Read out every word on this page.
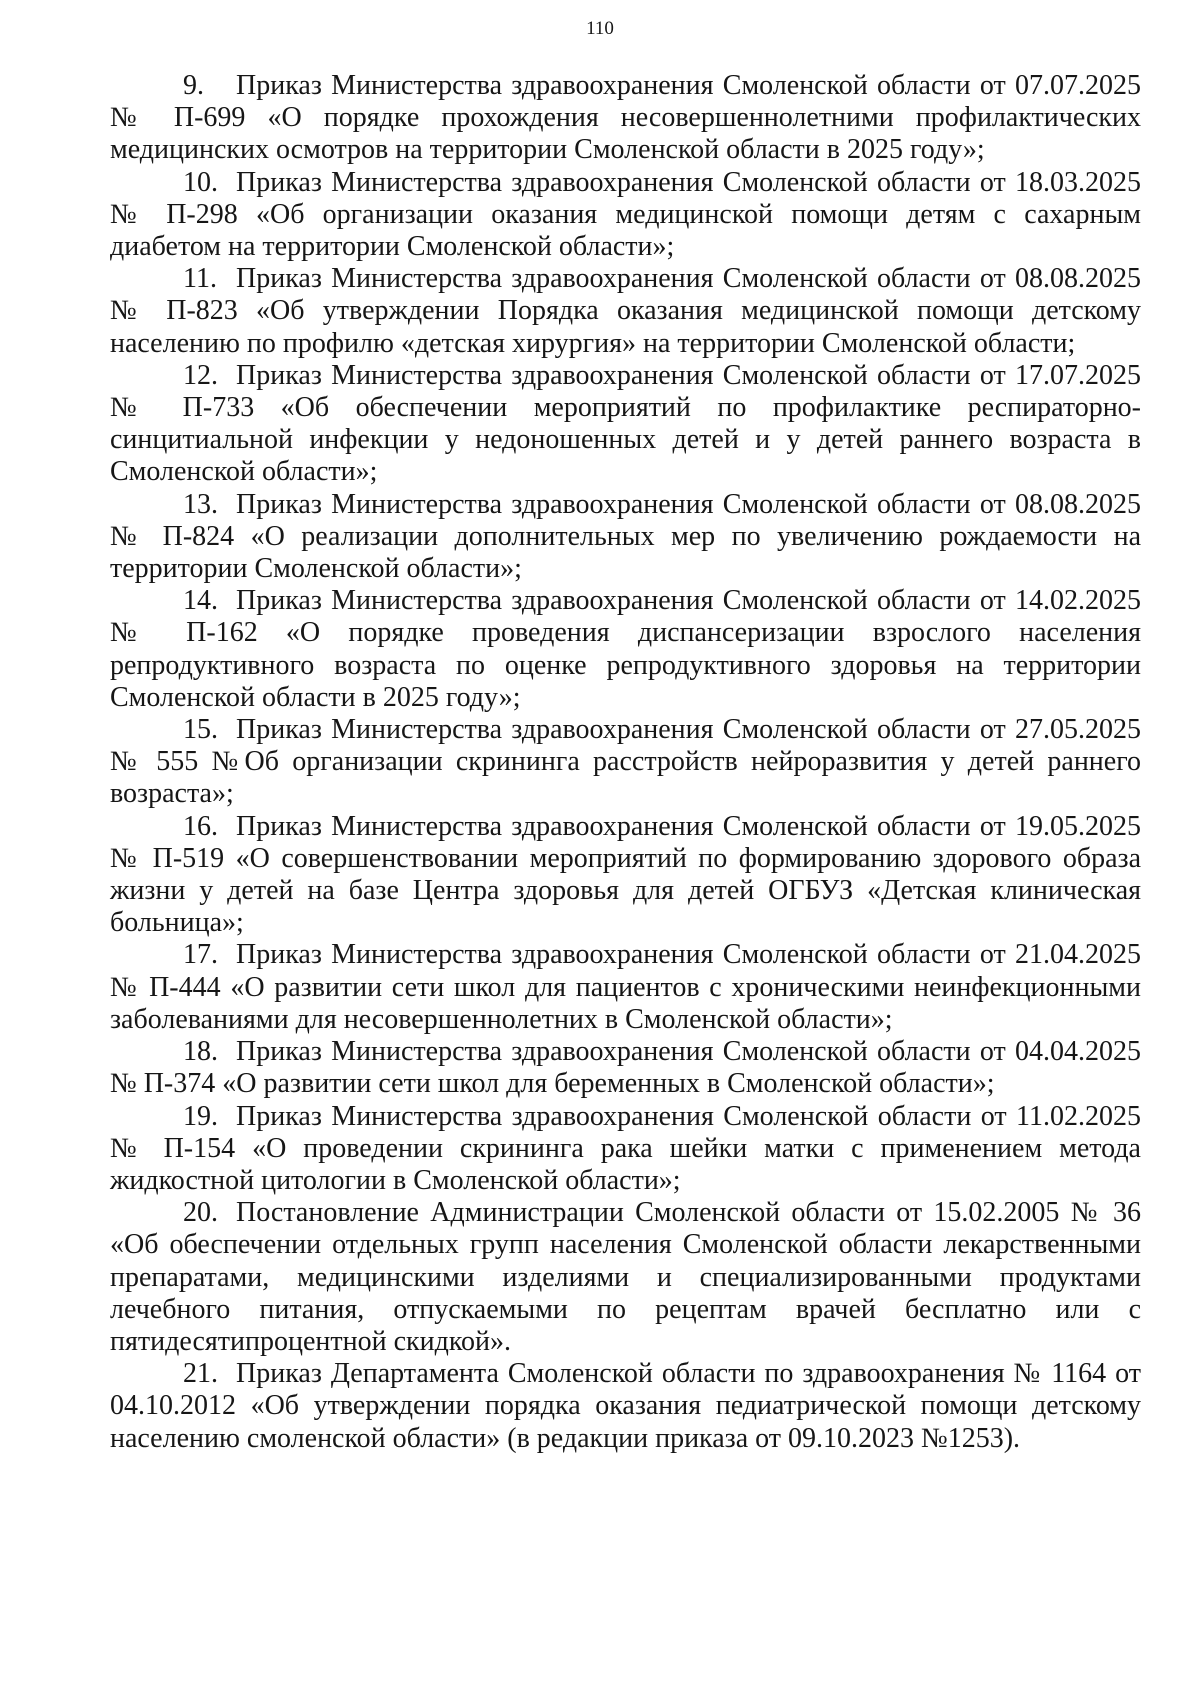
110

9. Приказ Министерства здравоохранения Смоленской области от 07.07.2025 № П-699 «О порядке прохождения несовершеннолетними профилактических медицинских осмотров на территории Смоленской области в 2025 году»;

10. Приказ Министерства здравоохранения Смоленской области от 18.03.2025 № П-298 «Об организации оказания медицинской помощи детям с сахарным диабетом на территории Смоленской области»;

11. Приказ Министерства здравоохранения Смоленской области от 08.08.2025 № П-823 «Об утверждении Порядка оказания медицинской помощи детскому населению по профилю «детская хирургия» на территории Смоленской области;

12. Приказ Министерства здравоохранения Смоленской области от 17.07.2025 № П-733 «Об обеспечении мероприятий по профилактике респираторно-синцитиальной инфекции у недоношенных детей и у детей раннего возраста в Смоленской области»;

13. Приказ Министерства здравоохранения Смоленской области от 08.08.2025 № П-824 «О реализации дополнительных мер по увеличению рождаемости на территории Смоленской области»;

14. Приказ Министерства здравоохранения Смоленской области от 14.02.2025 № П-162 «О порядке проведения диспансеризации взрослого населения репродуктивного возраста по оценке репродуктивного здоровья на территории Смоленской области в 2025 году»;

15. Приказ Министерства здравоохранения Смоленской области от 27.05.2025 № 555 №Об организации скрининга расстройств нейроразвития у детей раннего возраста»;

16. Приказ Министерства здравоохранения Смоленской области от 19.05.2025 № П-519 «О совершенствовании мероприятий по формированию здорового образа жизни у детей на базе Центра здоровья для детей ОГБУЗ «Детская клиническая больница»;

17. Приказ Министерства здравоохранения Смоленской области от 21.04.2025 № П-444 «О развитии сети школ для пациентов с хроническими неинфекционными заболеваниями для несовершеннолетних в Смоленской области»;

18. Приказ Министерства здравоохранения Смоленской области от 04.04.2025 № П-374 «О развитии сети школ для беременных в Смоленской области»;

19. Приказ Министерства здравоохранения Смоленской области от 11.02.2025 № П-154 «О проведении скрининга рака шейки матки с применением метода жидкостной цитологии в Смоленской области»;

20. Постановление Администрации Смоленской области от 15.02.2005 № 36 «Об обеспечении отдельных групп населения Смоленской области лекарственными препаратами, медицинскими изделиями и специализированными продуктами лечебного питания, отпускаемыми по рецептам врачей бесплатно или с пятидесятипроцентной скидкой».

21. Приказ Департамента Смоленской области по здравоохранения № 1164 от 04.10.2012 «Об утверждении порядка оказания педиатрической помощи детскому населению смоленской области» (в редакции приказа от 09.10.2023 №1253).
